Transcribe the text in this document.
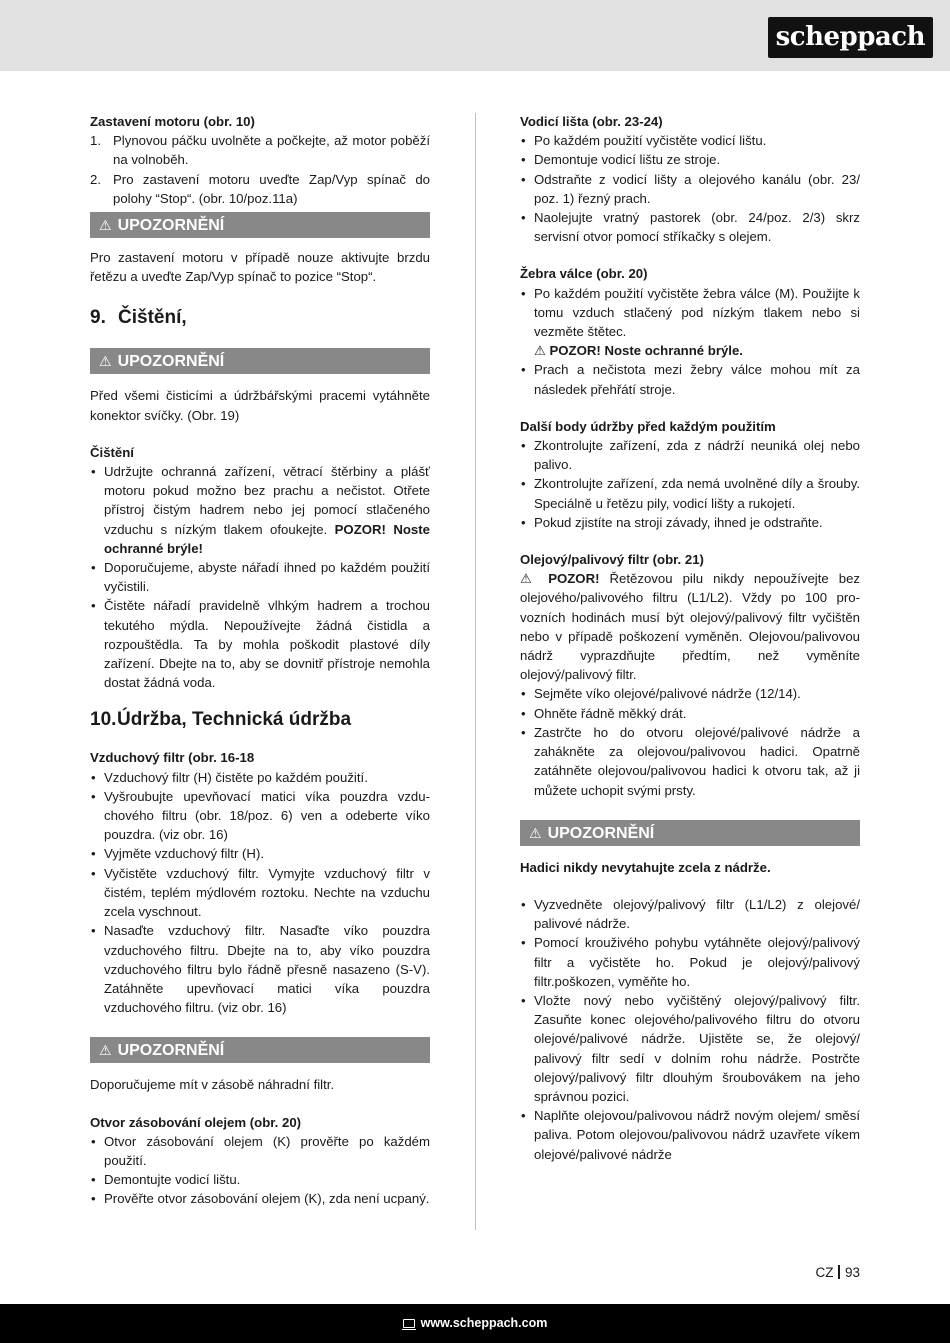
scheppach
Zastavení motoru (obr. 10)
1. Plynovou páčku uvolněte a počkejte, až motor poběží na volnoběh.
2. Pro zastavení motoru uveďte Zap/Vyp spínač do polohy “Stop“. (obr. 10/poz.11a)
⚠ UPOZORNĚNÍ

Pro zastavení motoru v případě nouze aktivujte brzdu řetězu a uveďte Zap/Vyp spínač to pozice “Stop“.

9. Čištění,
⚠ UPOZORNĚNÍ

Před všemi čisticími a údržbářskými pracemi vytáhněte konektor svíčky. (Obr. 19)

Čištění
• Udržujte ochranná zařízení, větrací štěrbiny a plášť motoru pokud možno bez prachu a nečistot. Otřete přístroj čistým hadrem nebo jej pomocí stlačeného vzduchu s nízkým tlakem ofoukejte. POZOR! Noste ochranné brýle!
• Doporučujeme, abyste nářadí ihned po každém použití vyčistili.
• Čistěte nářadí pravidelně vlhkým hadrem a trochou tekutého mýdla. Nepoužívejte žádná čistidla a rozpouštědla. Ta by mohla poškodit plastové díly zařízení. Dbejte na to, aby se dovnitř přístroje nemohla dostat žádná voda.
10.Údržba, Technická údržba
Vzduchový filtr (obr. 16-18
• Vzduchový filtr (H) čistěte po každém použití.
• Vyšroubujte upevňovací matici víka pouzdra vzduchového filtru (obr. 18/poz. 6) ven a odeberte víko pouzdra. (viz obr. 16)
• Vyjměte vzduchový filtr (H).
• Vyčistěte vzduchový filtr. Vymyjte vzduchový filtr v čistém, teplém mýdlovém roztoku. Nechte na vzduchu zcela vyschnout.
• Nasaďte vzduchový filtr. Nasaďte víko pouzdra vzduchového filtru. Dbejte na to, aby víko pouzdra vzduchového filtru bylo řádně přesně nasazeno (S-V). Zatáhněte upevňovací matici víka pouzdra vzduchového filtru. (viz obr. 16)
⚠ UPOZORNĚNÍ

Doporučujeme mít v zásobě náhradní filtr.

Otvor zásobování olejem (obr. 20)
• Otvor zásobování olejem (K) prověřte po každém použití.
• Demontujte vodicí lištu.
• Prověřte otvor zásobování olejem (K), zda není ucpaný.
Vodicí lišta (obr. 23-24)
• Po každém použití vyčistěte vodicí lištu.
• Demontuje vodicí lištu ze stroje.
• Odstraňte z vodicí lišty a olejového kanálu (obr. 23/ poz. 1) řezný prach.
• Naolejujte vratný pastorek (obr. 24/poz. 2/3) skrz servisní otvor pomocí stříkačky s olejem.
Žebra válce (obr. 20)
• Po každém použití vyčistěte žebra válce (M). Použijte k tomu vzduch stlačený pod nízkým tlakem nebo si vezměte štětec.
⚠ POZOR! Noste ochranné brýle.
• Prach a nečistota mezi žebry válce mohou mít za následek přehřátí stroje.
Další body údržby před každým použitím
• Zkontrolujte zařízení, zda z nádrží neuniká olej nebo palivo.
• Zkontrolujte zařízení, zda nemá uvolněné díly a šrouby. Speciálně u řetězu pily, vodicí lišty a rukojetí.
• Pokud zjistíte na stroji závady, ihned je odstraňte.
Olejový/palivový filtr (obr. 21)

⚠ POZOR! Řetězovou pilu nikdy nepoužívejte bez olejového/palivového filtru (L1/L2). Vždy po 100 provozních hodinách musí být olejový/palivový filtr vyčištěn nebo v případě poškození vyměněn. Olejovou/palivovou nádrž vyprazdňujte předtím, než vyměníte olejový/palivový filtr.

• Sejměte víko olejové/palivové nádrže (12/14).
• Ohněte řádně měkký drát.
• Zastrčte ho do otvoru olejové/palivové nádrže a zahákněte za olejovou/palivovou hadici. Opatrně zatáhněte olejovou/palivovou hadici k otvoru tak, až ji můžete uchopit svými prsty.
⚠ UPOZORNĚNÍ

Hadici nikdy nevytahujte zcela z nádrže.

• Vyzvedněte olejový/palivový filtr (L1/L2) z olejové/ palivové nádrže.
• Pomocí krouživého pohybu vytáhněte olejový/palivový filtr a vyčistěte ho. Pokud je olejový/palivový filtr.poškozen, vyměňte ho.
• Vložte nový nebo vyčištěný olejový/palivový filtr. Zasuňte konec olejového/palivového filtru do otvoru olejové/palivové nádrže. Ujistěte se, že olejový/ palivový filtr sedí v dolním rohu nádrže. Postrčte olejový/palivový filtr dlouhým šroubovákem na jeho správnou pozici.
• Naplňte olejovou/palivovou nádrž novým olejem/ směsí paliva. Potom olejovou/palivovou nádrž uzavřete víkem olejové/palivové nádrže
CZ 93
www.scheppach.com
